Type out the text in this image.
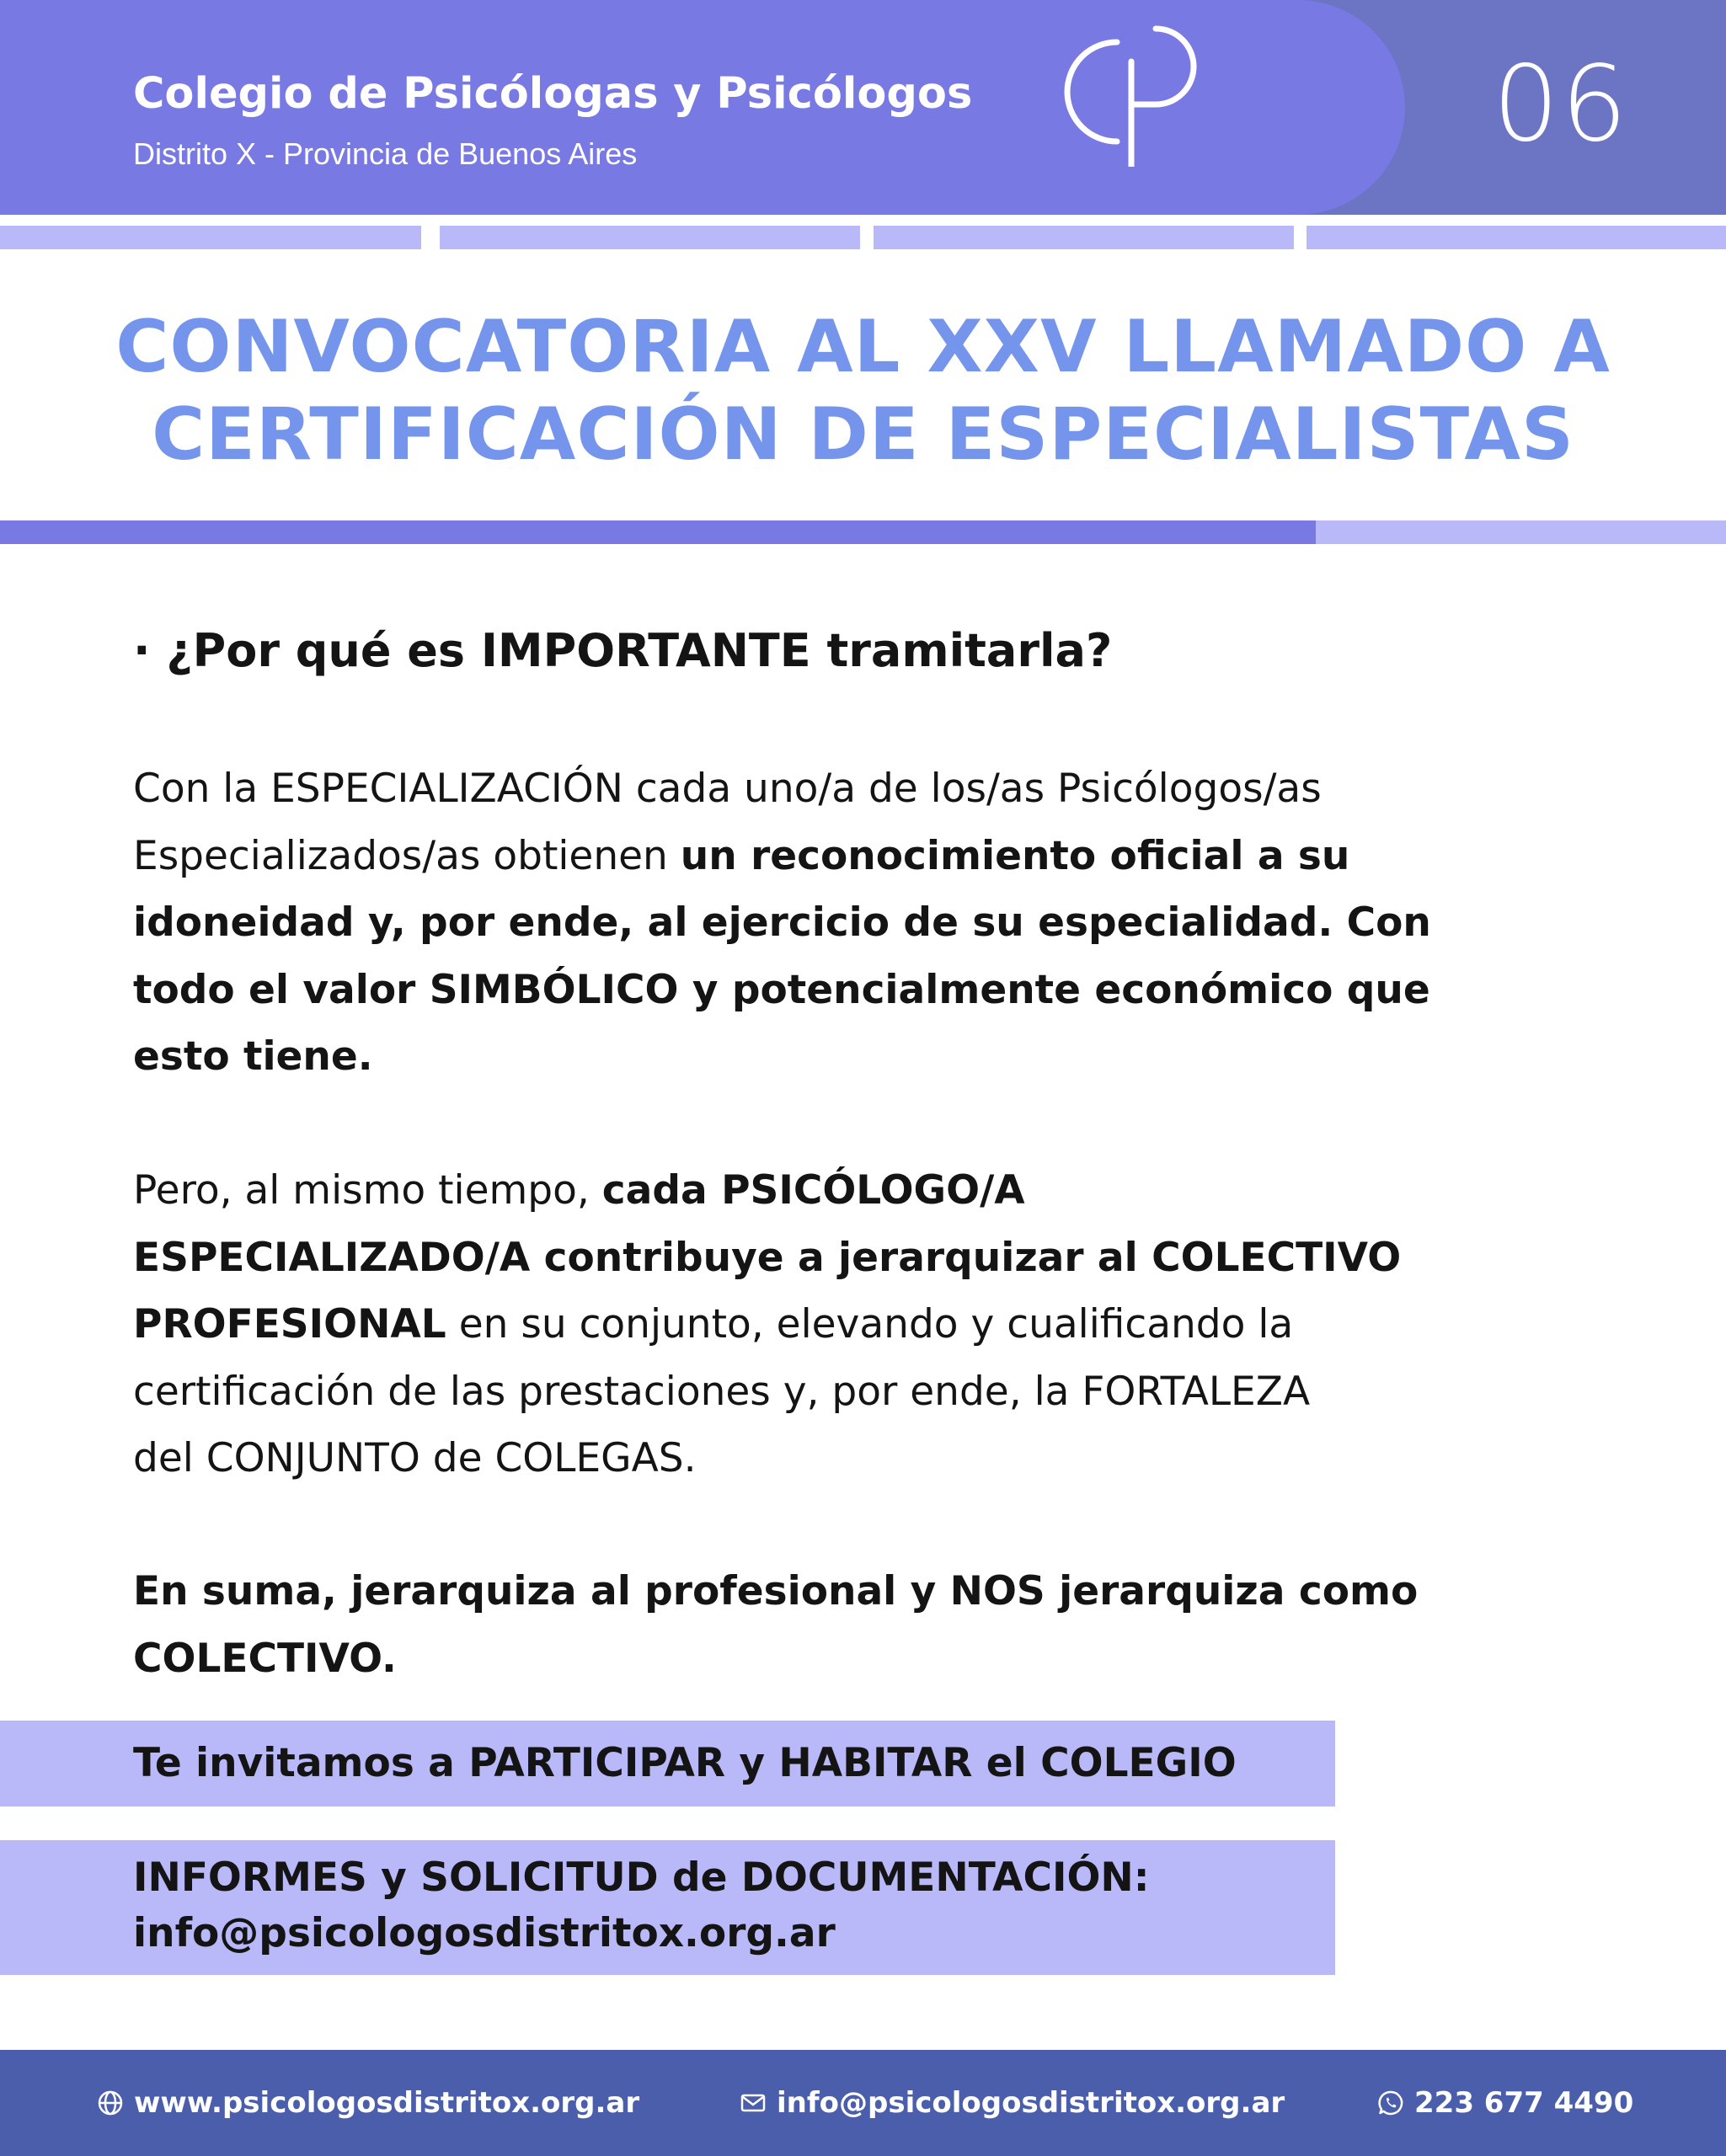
Colegio de Psicólogas y Psicólogos
Distrito X - Provincia de Buenos Aires	06
CONVOCATORIA AL XXV LLAMADO A
CERTIFICACIÓN DE ESPECIALISTAS
· ¿Por qué es IMPORTANTE tramitarla?
Con la ESPECIALIZACIÓN cada uno/a de los/as Psicólogos/as
Especializados/as obtienen un reconocimiento oficial a su
idoneidad y, por ende, al ejercicio de su especialidad. Con
todo el valor SIMBÓLICO y potencialmente económico que
esto tiene.
Pero, al mismo tiempo, cada PSICÓLOGO/A
ESPECIALIZADO/A contribuye a jerarquizar al COLECTIVO
PROFESIONAL en su conjunto, elevando y cualificando la
certificación de las prestaciones y, por ende, la FORTALEZA
del CONJUNTO de COLEGAS.
En suma, jerarquiza al profesional y NOS jerarquiza como
COLECTIVO.
Te invitamos a PARTICIPAR y HABITAR el COLEGIO
INFORMES y SOLICITUD de DOCUMENTACIÓN:
info@psicologosdistritox.org.ar
www.psicologosdistritox.org.ar	info@psicologosdistritox.org.ar	223 677 4490
